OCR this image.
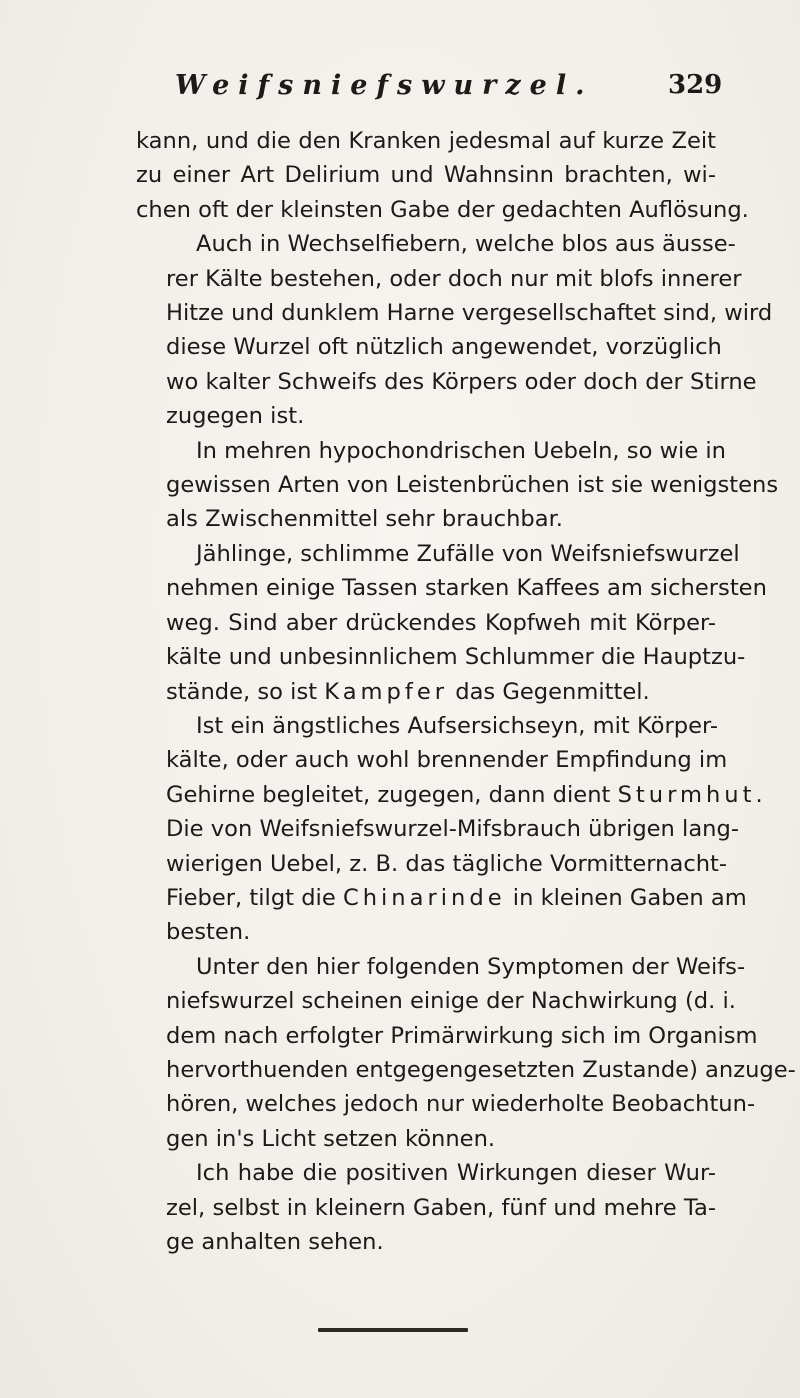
Weifsniefswurzel.	329
kann, und die den Kranken jedesmal auf kurze Zeit
zu einer Art Delirium und Wahnsinn brachten, wi-
chen oft der kleinsten Gabe der gedachten Auflösung.
Auch in Wechselfiebern, welche blos aus äusse-
rer Kälte bestehen, oder doch nur mit blofs innerer
Hitze und dunklem Harne vergesellschaftet sind, wird
diese Wurzel oft nützlich angewendet, vorzüglich
wo kalter Schweifs des Körpers oder doch der Stirne
zugegen ist.
In mehren hypochondrischen Uebeln, so wie in
gewissen Arten von Leistenbrüchen ist sie wenigstens
als Zwischenmittel sehr brauchbar.
Jählinge, schlimme Zufälle von Weifsniefswurzel
nehmen einige Tassen starken Kaffees am sichersten
weg. Sind aber drückendes Kopfweh mit Körper-
kälte und unbesinnlichem Schlummer die Hauptzu-
stände, so ist Kampfer das Gegenmittel.
Ist ein ängstliches Aufsersichseyn, mit Körper-
kälte, oder auch wohl brennender Empfindung im
Gehirne begleitet, zugegen, dann dient Sturmhut.
Die von Weifsniefswurzel-Mifsbrauch übrigen lang-
wierigen Uebel, z. B. das tägliche Vormitternacht-
Fieber, tilgt die Chinarinde in kleinen Gaben am
besten.
Unter den hier folgenden Symptomen der Weifs-
niefswurzel scheinen einige der Nachwirkung (d. i.
dem nach erfolgter Primärwirkung sich im Organism
hervorthuenden entgegengesetzten Zustande) anzuge-
hören, welches jedoch nur wiederholte Beobachtun-
gen in's Licht setzen können.
Ich habe die positiven Wirkungen dieser Wur-
zel, selbst in kleinern Gaben, fünf und mehre Ta-
ge anhalten sehen.
